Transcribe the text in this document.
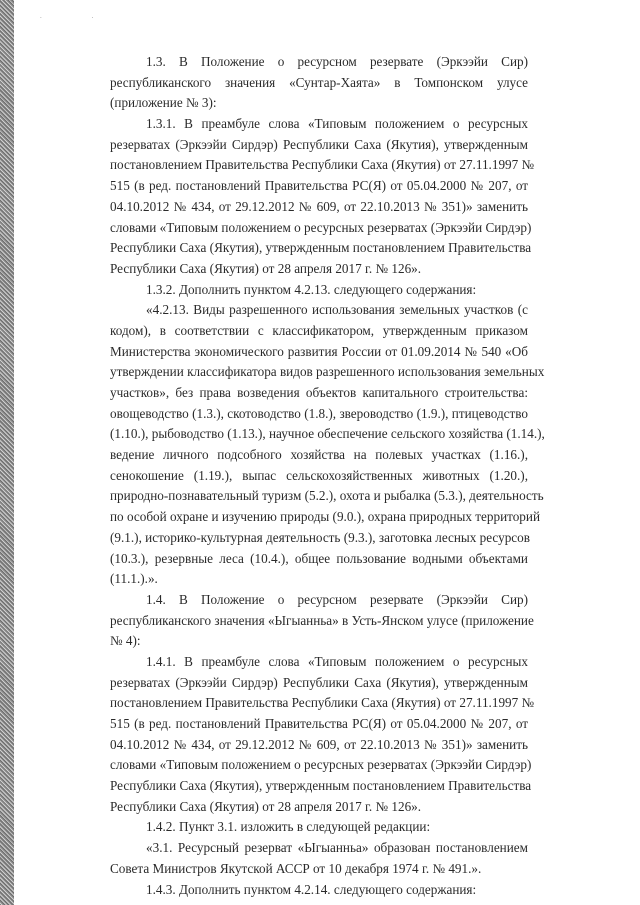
. .
1.3. В Положение о ресурсном резервате (Эркээйи Сир)
республиканского значения «Сунтар-Хаята» в Томпонском улусе
(приложение № 3):
1.3.1. В преамбуле слова «Типовым положением о ресурсных
резерватах (Эркээйи Сирдэр) Республики Саха (Якутия), утвержденным
постановлением Правительства Республики Саха (Якутия) от 27.11.1997 №
515 (в ред. постановлений Правительства РС(Я) от 05.04.2000 № 207, от
04.10.2012 № 434, от 29.12.2012 № 609, от 22.10.2013 № 351)» заменить
словами «Типовым положением о ресурсных резерватах (Эркээйи Сирдэр)
Республики Саха (Якутия), утвержденным постановлением Правительства
Республики Саха (Якутия) от 28 апреля 2017 г. № 126».
1.3.2. Дополнить пунктом 4.2.13. следующего содержания:
«4.2.13. Виды разрешенного использования земельных участков (с
кодом), в соответствии с классификатором, утвержденным приказом
Министерства экономического развития России от 01.09.2014 № 540 «Об
утверждении классификатора видов разрешенного использования земельных
участков», без права возведения объектов капитального строительства:
овощеводство (1.3.), скотоводство (1.8.), звероводство (1.9.), птицеводство
(1.10.), рыбоводство (1.13.), научное обеспечение сельского хозяйства (1.14.),
ведение личного подсобного хозяйства на полевых участках (1.16.),
сенокошение (1.19.), выпас сельскохозяйственных животных (1.20.),
природно-познавательный туризм (5.2.), охота и рыбалка (5.3.), деятельность
по особой охране и изучению природы (9.0.), охрана природных территорий
(9.1.), историко-культурная деятельность (9.3.), заготовка лесных ресурсов
(10.3.), резервные леса (10.4.), общее пользование водными объектами
(11.1.).».
1.4. В Положение о ресурсном резервате (Эркээйи Сир)
республиканского значения «Ыгыанньа» в Усть-Янском улусе (приложение
№ 4):
1.4.1. В преамбуле слова «Типовым положением о ресурсных
резерватах (Эркээйи Сирдэр) Республики Саха (Якутия), утвержденным
постановлением Правительства Республики Саха (Якутия) от 27.11.1997 №
515 (в ред. постановлений Правительства РС(Я) от 05.04.2000 № 207, от
04.10.2012 № 434, от 29.12.2012 № 609, от 22.10.2013 № 351)» заменить
словами «Типовым положением о ресурсных резерватах (Эркээйи Сирдэр)
Республики Саха (Якутия), утвержденным постановлением Правительства
Республики Саха (Якутия) от 28 апреля 2017 г. № 126».
1.4.2. Пункт 3.1. изложить в следующей редакции:
«3.1. Ресурсный резерват «Ыгыанньа» образован постановлением
Совета Министров Якутской АССР от 10 декабря 1974 г. № 491.».
1.4.3. Дополнить пунктом 4.2.14. следующего содержания:
